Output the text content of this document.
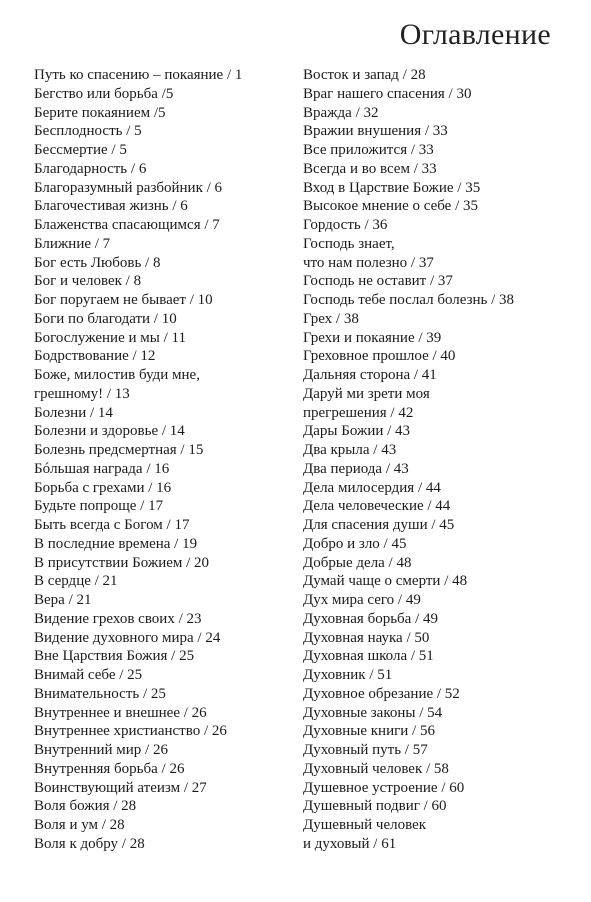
Оглавление
Путь ко спасению – покаяние / 1
Бегство или борьба /5
Берите покаянием /5
Бесплодность / 5
Бессмертие / 5
Благодарность / 6
Благоразумный разбойник / 6
Благочестивая жизнь / 6
Блаженства спасающимся / 7
Ближние / 7
Бог есть Любовь / 8
Бог и человек / 8
Бог поругаем не бывает / 10
Боги по благодати / 10
Богослужение и мы / 11
Бодрствование / 12
Боже, милостив буди мне,
грешному! / 13
Болезни / 14
Болезни и здоровье / 14
Болезнь предсмертная / 15
Бóльшая награда / 16
Борьба с грехами / 16
Будьте попроще / 17
Быть всегда с Богом / 17
В последние времена / 19
В присутствии Божием / 20
В сердце / 21
Вера / 21
Видение грехов своих / 23
Видение духовного мира / 24
Вне Царствия Божия / 25
Внимай себе / 25
Внимательность / 25
Внутреннее и внешнее / 26
Внутреннее христианство / 26
Внутренний мир / 26
Внутренняя борьба / 26
Воинствующий атеизм / 27
Воля божия / 28
Воля и ум / 28
Воля к добру / 28
Восток и запад / 28
Враг нашего спасения / 30
Вражда / 32
Вражии внушения / 33
Все приложится / 33
Всегда и во всем / 33
Вход в Царствие Божие / 35
Высокое мнение о себе / 35
Гордость / 36
Господь знает,
что нам полезно / 37
Господь не оставит / 37
Господь тебе послал болезнь / 38
Грех / 38
Грехи и покаяние / 39
Греховное прошлое / 40
Дальняя сторона / 41
Даруй ми зрети моя
прегрешения / 42
Дары Божии / 43
Два крыла / 43
Два периода / 43
Дела милосердия / 44
Дела человеческие / 44
Для спасения души / 45
Добро и зло / 45
Добрые дела / 48
Думай чаще о смерти / 48
Дух мира сего / 49
Духовная борьба / 49
Духовная наука / 50
Духовная школа / 51
Духовник / 51
Духовное обрезание / 52
Духовные законы / 54
Духовные книги / 56
Духовный путь / 57
Духовный человек / 58
Душевное устроение / 60
Душевный подвиг / 60
Душевный человек
и духовый / 61
